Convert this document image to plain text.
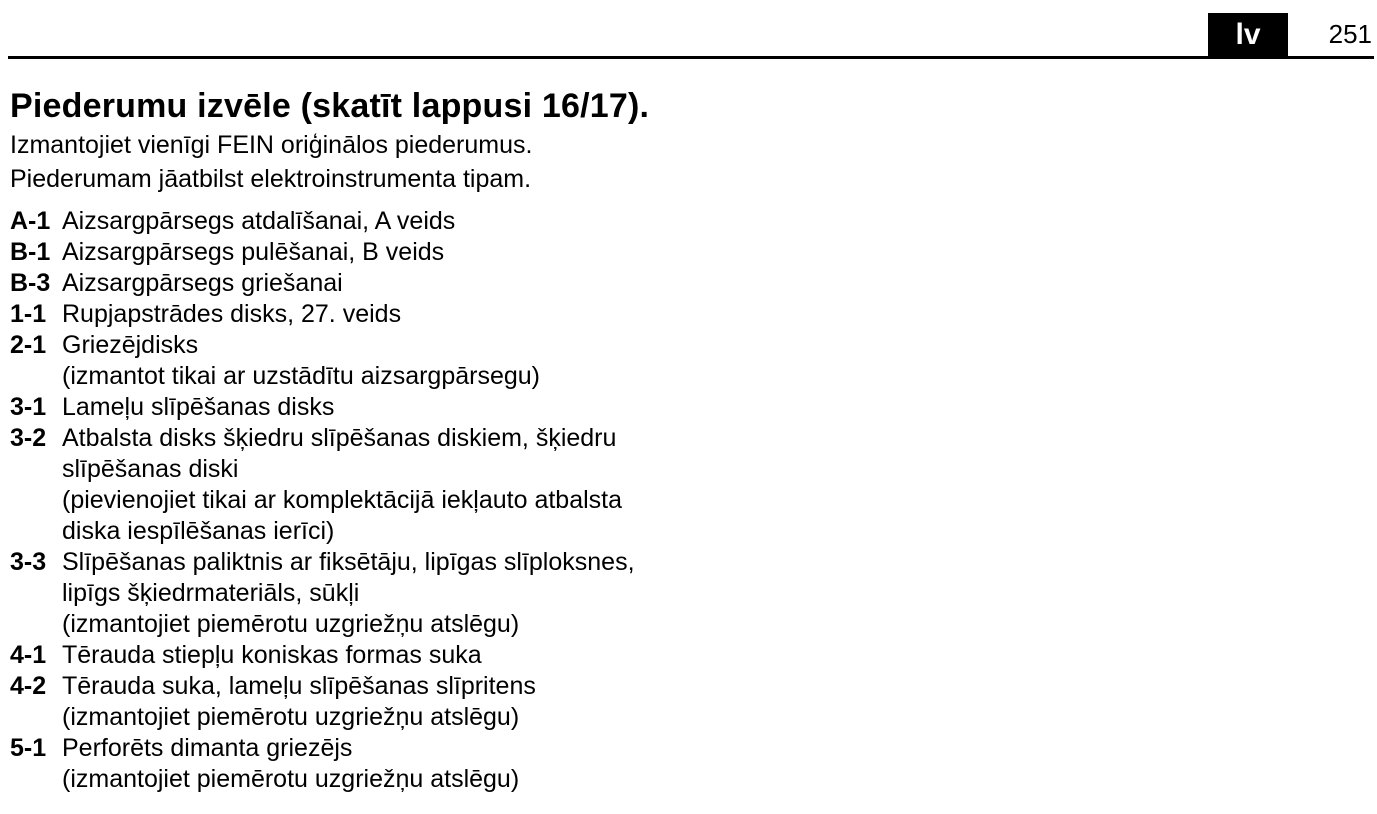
lv	251
Piederumu izvēle (skatīt lappusi 16/17).

Izmantojiet vienīgi FEIN oriģinālos piederumus.

Piederumam jāatbilst elektroinstrumenta tipam.

A-1 Aizsargpārsegs atdalīšanai, A veids
B-1 Aizsargpārsegs pulēšanai, B veids
B-3 Aizsargpārsegs griešanai
1-1 Rupjapstrādes disks, 27. veids
2-1 Griezējdisks
(izmantot tikai ar uzstādītu aizsargpārsegu)
3-1 Lameļu slīpēšanas disks
3-2 Atbalsta disks šķiedru slīpēšanas diskiem, šķiedru
slīpēšanas diski
(pievienojiet tikai ar komplektācijā iekļauto atbalsta
diska iespīlēšanas ierīci)
3-3 Slīpēšanas paliktnis ar fiksētāju, lipīgas slīploksnes,
lipīgs šķiedrmateriāls, sūkļi
(izmantojiet piemērotu uzgriežņu atslēgu)
4-1 Tērauda stiepļu koniskas formas suka
4-2 Tērauda suka, lameļu slīpēšanas slīpritens
(izmantojiet piemērotu uzgriežņu atslēgu)
5-1 Perforēts dimanta griezējs
(izmantojiet piemērotu uzgriežņu atslēgu)
